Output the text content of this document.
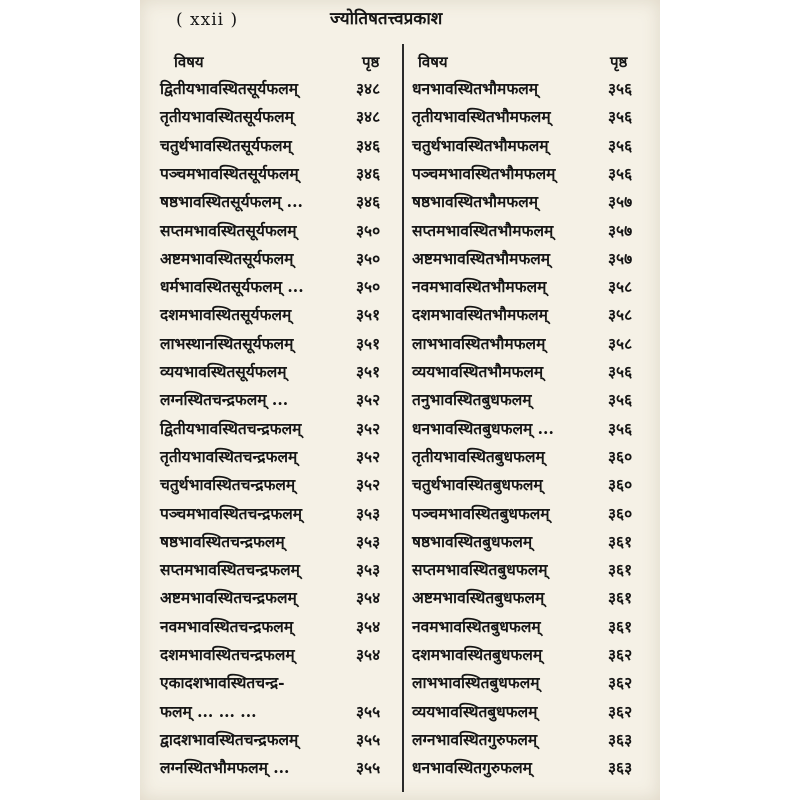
( xxii )	ज्योतिषतत्त्वप्रकाश
विषय	पृष्ठ	विषय	पृष्ठ
द्वितीयभावस्थितसूर्यफलम्	३४८
तृतीयभावस्थितसूर्यफलम्	३४८
चतुर्थभावस्थितसूर्यफलम्	३४६
पञ्चमभावस्थितसूर्यफलम्	३४६
षष्ठभावस्थितसूर्यफलम् ...	३४६
सप्तमभावस्थितसूर्यफलम्	३५०
अष्टमभावस्थितसूर्यफलम्	३५०
धर्मभावस्थितसूर्यफलम् ...	३५०
दशमभावस्थितसूर्यफलम्	३५१
लाभस्थानस्थितसूर्यफलम्	३५१
व्ययभावस्थितसूर्यफलम्	३५१
लग्नस्थितचन्द्रफलम् ...	३५२
द्वितीयभावस्थितचन्द्रफलम्	३५२
तृतीयभावस्थितचन्द्रफलम्	३५२
चतुर्थभावस्थितचन्द्रफलम्	३५२
पञ्चमभावस्थितचन्द्रफलम्	३५३
षष्ठभावस्थितचन्द्रफलम्	३५३
सप्तमभावस्थितचन्द्रफलम्	३५३
अष्टमभावस्थितचन्द्रफलम्	३५४
नवमभावस्थितचन्द्रफलम्	३५४
दशमभावस्थितचन्द्रफलम्	३५४
एकादशभावस्थितचन्द्र-
फलम् ... ... ...	३५५
द्वादशभावस्थितचन्द्रफलम्	३५५
लग्नस्थितभौमफलम् ...	३५५
धनभावस्थितभौमफलम्	३५६
तृतीयभावस्थितभौमफलम्	३५६
चतुर्थभावस्थितभौमफलम्	३५६
पञ्चमभावस्थितभौमफलम्	३५६
षष्ठभावस्थितभौमफलम्	३५७
सप्तमभावस्थितभौमफलम्	३५७
अष्टमभावस्थितभौमफलम्	३५७
नवमभावस्थितभौमफलम्	३५८
दशमभावस्थितभौमफलम्	३५८
लाभभावस्थितभौमफलम्	३५८
व्ययभावस्थितभौमफलम्	३५६
तनुभावस्थितबुधफलम्	३५६
धनभावस्थितबुधफलम् ...	३५६
तृतीयभावस्थितबुधफलम्	३६०
चतुर्थभावस्थितबुधफलम्	३६०
पञ्चमभावस्थितबुधफलम्	३६०
षष्ठभावस्थितबुधफलम्	३६१
सप्तमभावस्थितबुधफलम्	३६१
अष्टमभावस्थितबुधफलम्	३६१
नवमभावस्थितबुधफलम्	३६१
दशमभावस्थितबुधफलम्	३६२
लाभभावस्थितबुधफलम्	३६२
व्ययभावस्थितबुधफलम्	३६२
लग्नभावस्थितगुरुफलम्	३६३
धनभावस्थितगुरुफलम्	३६३
